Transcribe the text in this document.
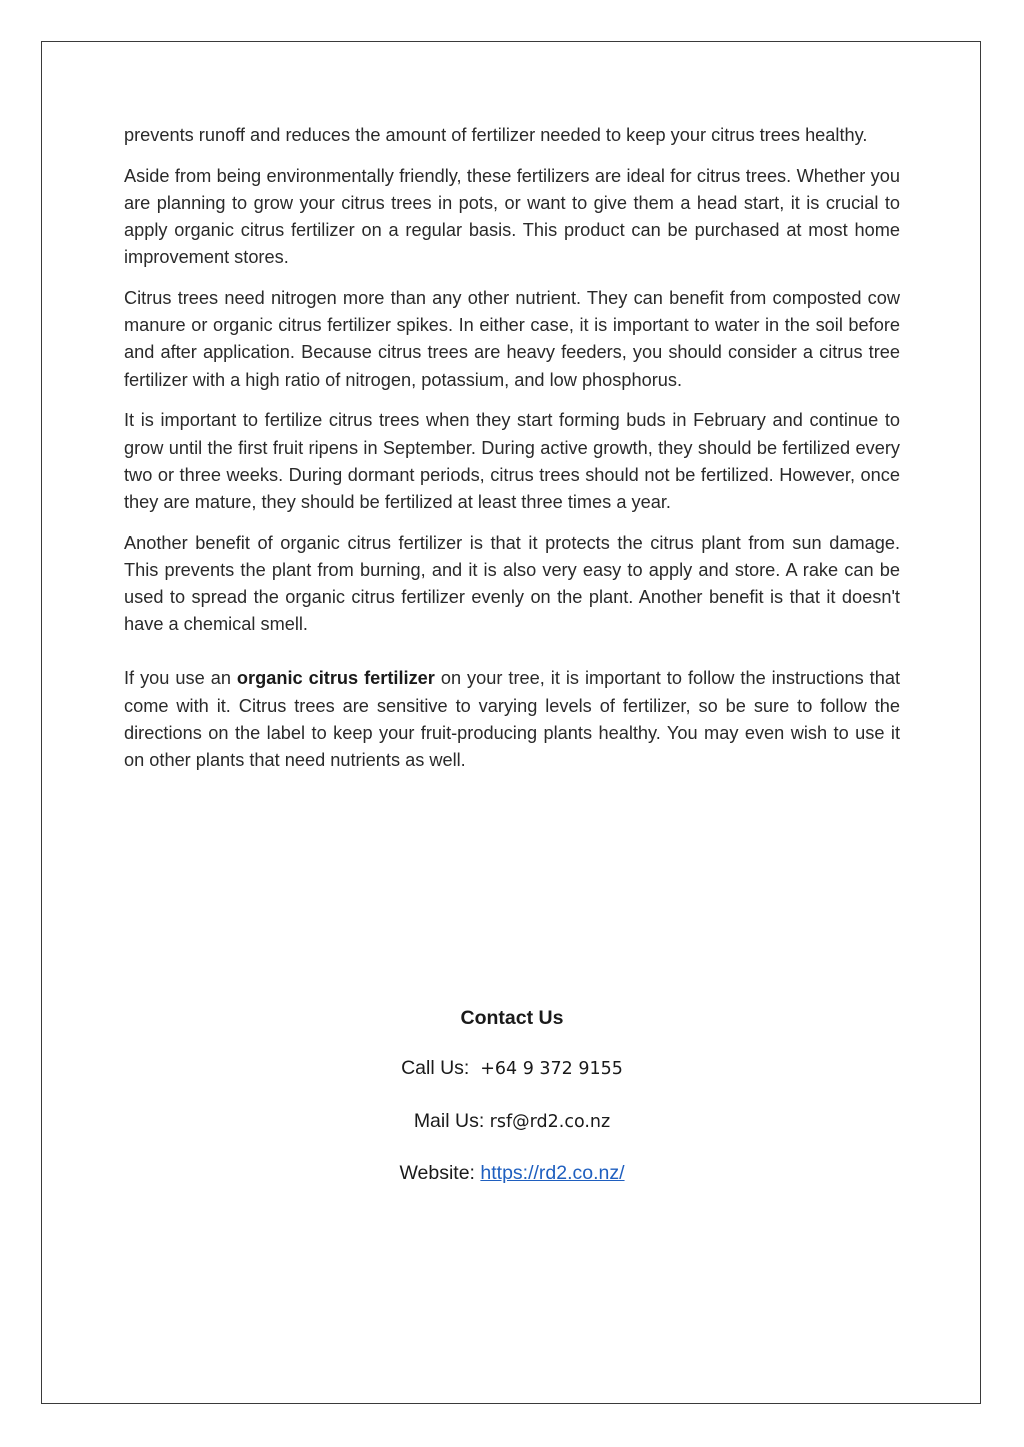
prevents runoff and reduces the amount of fertilizer needed to keep your citrus trees healthy.

Aside from being environmentally friendly, these fertilizers are ideal for citrus trees. Whether you are planning to grow your citrus trees in pots, or want to give them a head start, it is crucial to apply organic citrus fertilizer on a regular basis. This product can be purchased at most home improvement stores.

Citrus trees need nitrogen more than any other nutrient. They can benefit from composted cow manure or organic citrus fertilizer spikes. In either case, it is important to water in the soil before and after application. Because citrus trees are heavy feeders, you should consider a citrus tree fertilizer with a high ratio of nitrogen, potassium, and low phosphorus.

It is important to fertilize citrus trees when they start forming buds in February and continue to grow until the first fruit ripens in September. During active growth, they should be fertilized every two or three weeks. During dormant periods, citrus trees should not be fertilized. However, once they are mature, they should be fertilized at least three times a year.

Another benefit of organic citrus fertilizer is that it protects the citrus plant from sun damage. This prevents the plant from burning, and it is also very easy to apply and store. A rake can be used to spread the organic citrus fertilizer evenly on the plant. Another benefit is that it doesn't have a chemical smell.

If you use an organic citrus fertilizer on your tree, it is important to follow the instructions that come with it. Citrus trees are sensitive to varying levels of fertilizer, so be sure to follow the directions on the label to keep your fruit-producing plants healthy. You may even wish to use it on other plants that need nutrients as well.

Contact Us
Call Us: +64 9 372 9155
Mail Us: rsf@rd2.co.nz
Website: https://rd2.co.nz/
